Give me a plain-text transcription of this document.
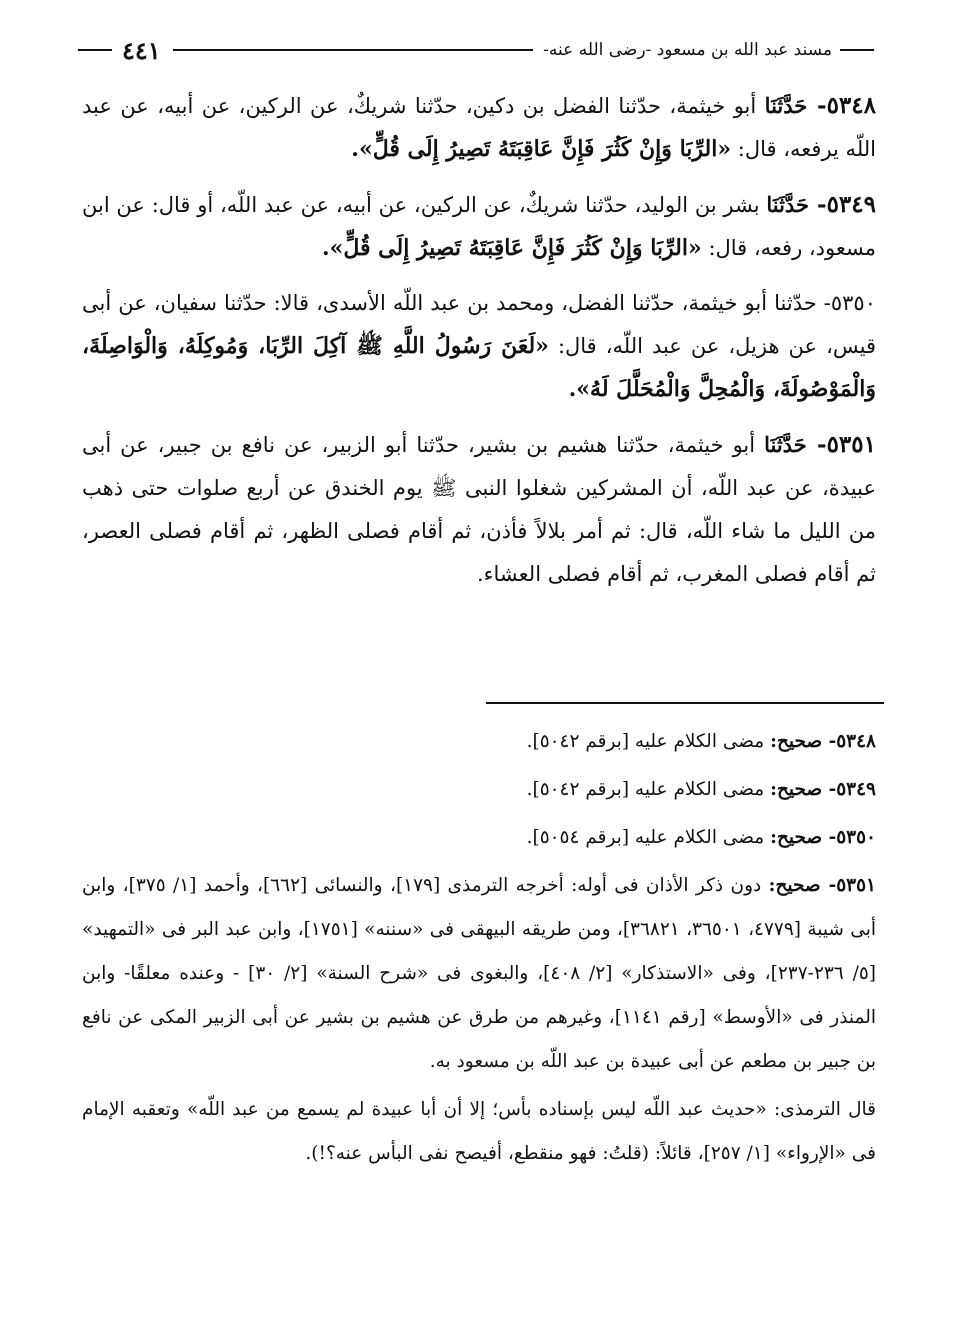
مسند عبد الله بن مسعود -رضى الله عنه-
٤٤١

٥٣٤٨- حَدَّثَنَا أبو خيثمة، حدّثنا الفضل بن دكين، حدّثنا شريكٌ، عن الركين، عن أبيه، عن عبد اللّه يرفعه، قال: «الرِّبَا وَإِنْ كَثُرَ فَإِنَّ عَاقِبَتَهُ تَصِيرُ إِلَى قُلٍّ».

٥٣٤٩- حَدَّثَنَا بشر بن الوليد، حدّثنا شريكٌ، عن الركين، عن أبيه، عن عبد اللّه، أو قال: عن ابن مسعود، رفعه، قال: «الرِّبَا وَإِنْ كَثُرَ فَإِنَّ عَاقِبَتَهُ تَصِيرُ إِلَى قُلٍّ».

٥٣٥٠- حدّثنا أبو خيثمة، حدّثنا الفضل، ومحمد بن عبد اللّه الأسدى، قالا: حدّثنا سفيان، عن أبى قيس، عن هزيل، عن عبد اللّه، قال: «لَعَنَ رَسُولُ اللَّهِ ﷺ آكِلَ الرِّبَا، وَمُوكِلَهُ، وَالْوَاصِلَةَ، وَالْمَوْصُولَةَ، وَالْمُحِلَّ وَالْمُحَلَّلَ لَهُ».

٥٣٥١- حَدَّثَنَا أبو خيثمة، حدّثنا هشيم بن بشير، حدّثنا أبو الزبير، عن نافع بن جبير، عن أبى عبيدة، عن عبد اللّه، أن المشركين شغلوا النبى ﷺ يوم الخندق عن أربع صلوات حتى ذهب من الليل ما شاء اللّه، قال: ثم أمر بلالاً فأذن، ثم أقام فصلى الظهر، ثم أقام فصلى العصر، ثم أقام فصلى المغرب، ثم أقام فصلى العشاء.

٥٣٤٨- صحيح: مضى الكلام عليه [برقم ٥٠٤٢].

٥٣٤٩- صحيح: مضى الكلام عليه [برقم ٥٠٤٢].

٥٣٥٠- صحيح: مضى الكلام عليه [برقم ٥٠٥٤].

٥٣٥١- صحيح: دون ذكر الأذان فى أوله: أخرجه الترمذى [١٧٩]، والنسائى [٦٦٢]، وأحمد [١/ ٣٧٥]، وابن أبى شيبة [٤٧٧٩، ٣٦٥٠١، ٣٦٨٢١]، ومن طريقه البيهقى فى «سننه» [١٧٥١]، وابن عبد البر فى «التمهيد» [٥/ ٢٣٦-٢٣٧]، وفى «الاستذكار» [٢/ ٤٠٨]، والبغوى فى «شرح السنة» [٢/ ٣٠] - وعنده معلقًا- وابن المنذر فى «الأوسط» [رقم ١١٤١]، وغيرهم من طرق عن هشيم بن بشير عن أبى الزبير المكى عن نافع بن جبير بن مطعم عن أبى عبيدة بن عبد اللّه بن مسعود به.

قال الترمذى: «حديث عبد اللّه ليس بإسناده بأس؛ إلا أن أبا عبيدة لم يسمع من عبد اللّه» وتعقبه الإمام فى «الإرواء» [١/ ٢٥٧]، قائلاً: (قلتُ: فهو منقطع، أفيصح نفى البأس عنه؟!).
